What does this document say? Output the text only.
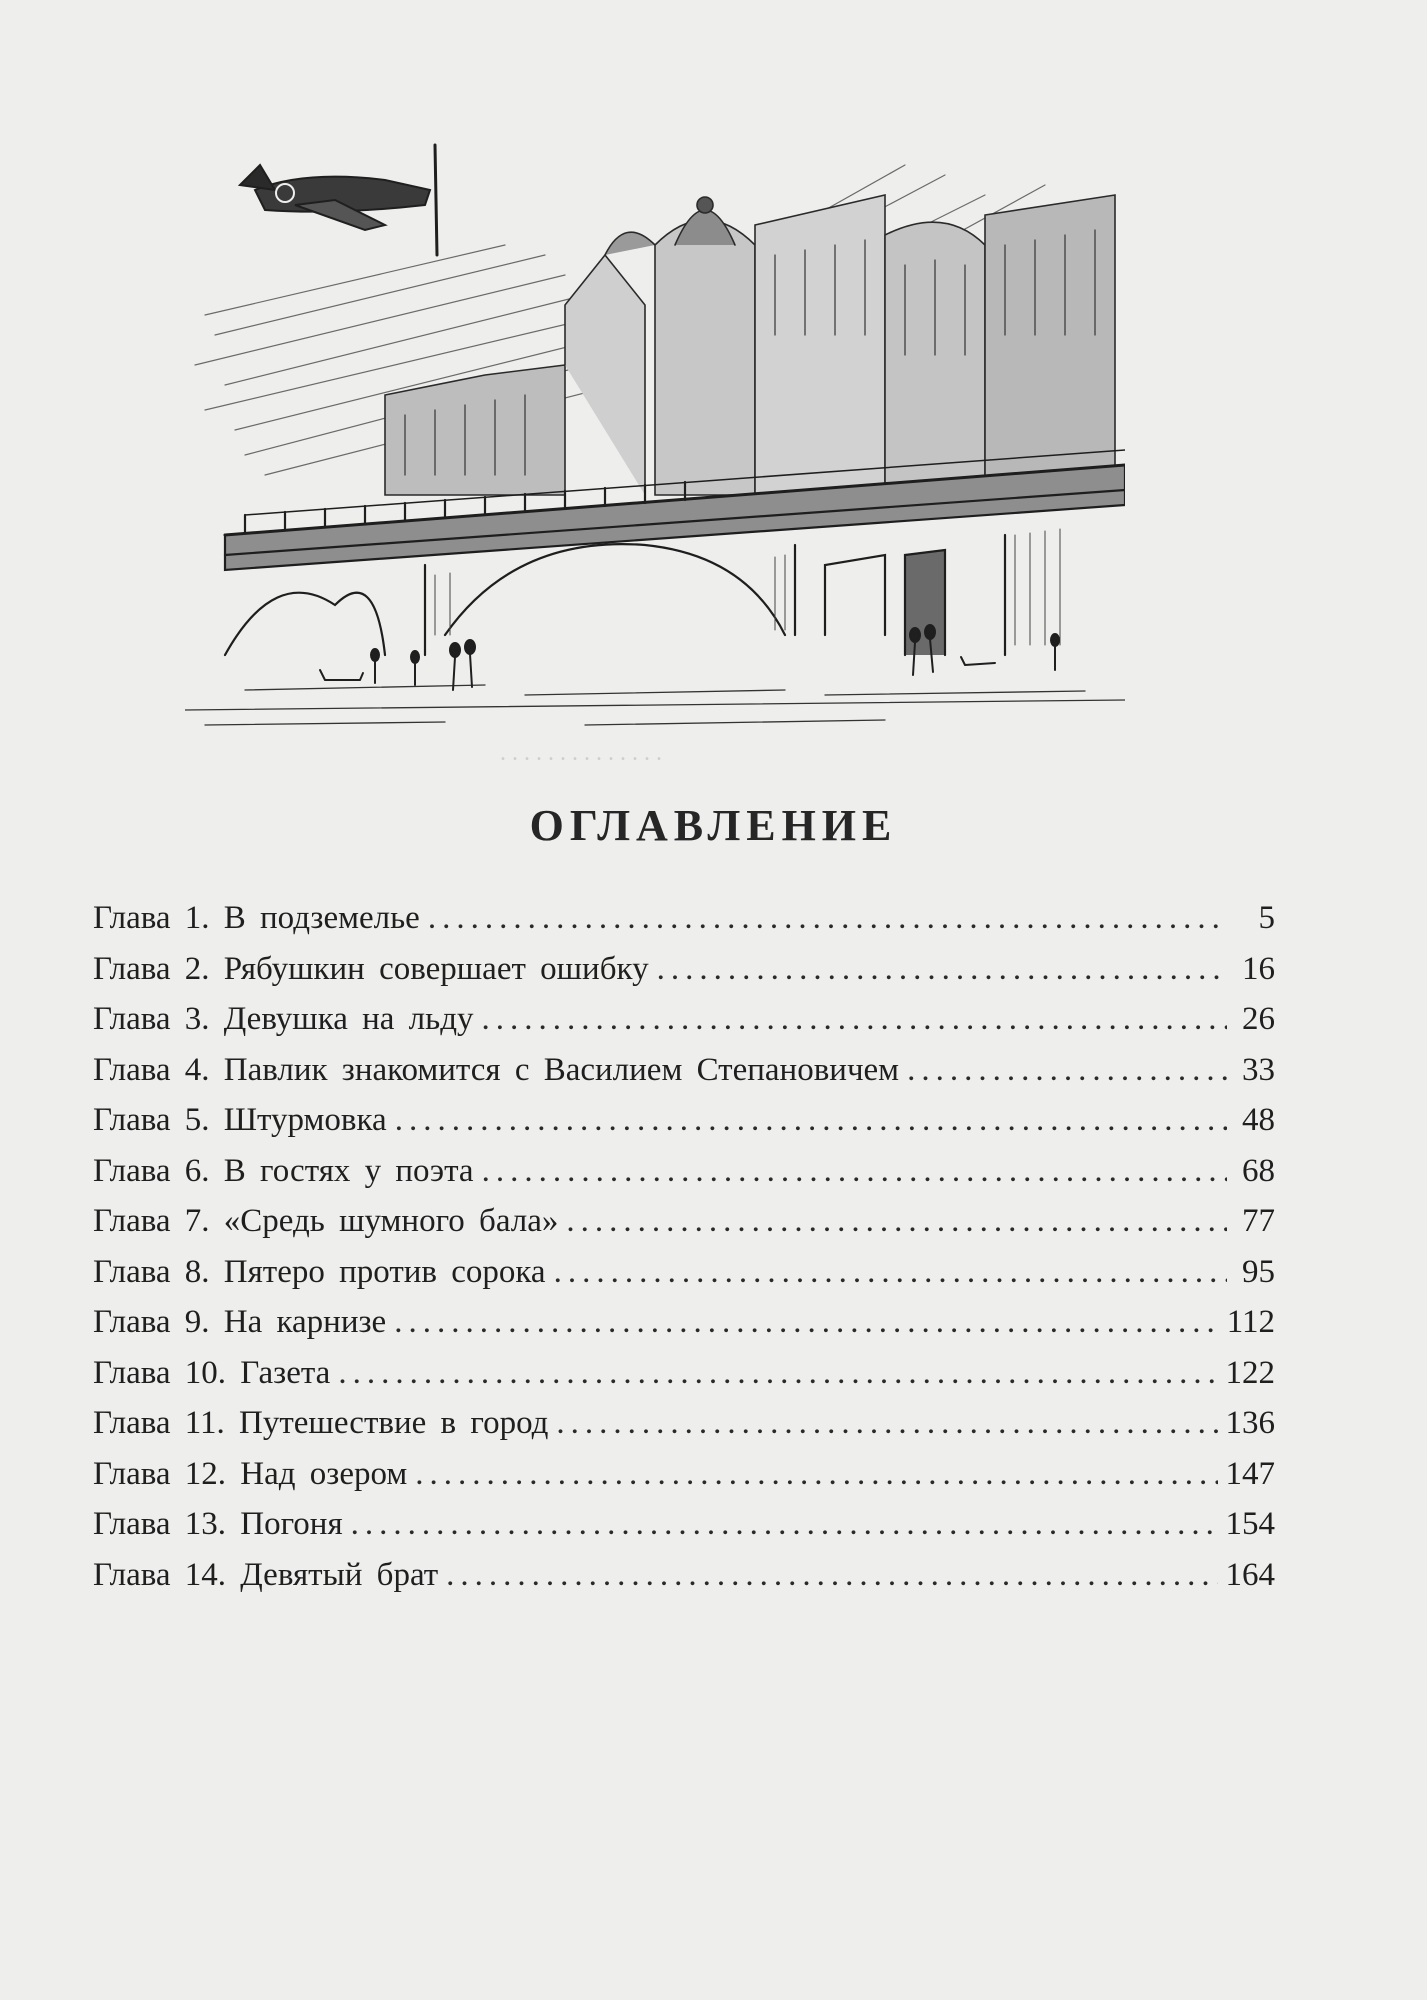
. . . . . . . . . . . . . .
ОГЛАВЛЕНИЕ
Глава 1. В подземелье .....	5
Глава 2. Рябушкин совершает ошибку .....	16
Глава 3. Девушка на льду .....	26
Глава 4. Павлик знакомится с Василием Степановичем .....	33
Глава 5. Штурмовка .....	48
Глава 6. В гостях у поэта .....	68
Глава 7. «Средь шумного бала» .....	77
Глава 8. Пятеро против сорока .....	95
Глава 9. На карнизе .....	112
Глава 10. Газета .....	122
Глава 11. Путешествие в город .....	136
Глава 12. Над озером .....	147
Глава 13. Погоня .....	154
Глава 14. Девятый брат .....	164
